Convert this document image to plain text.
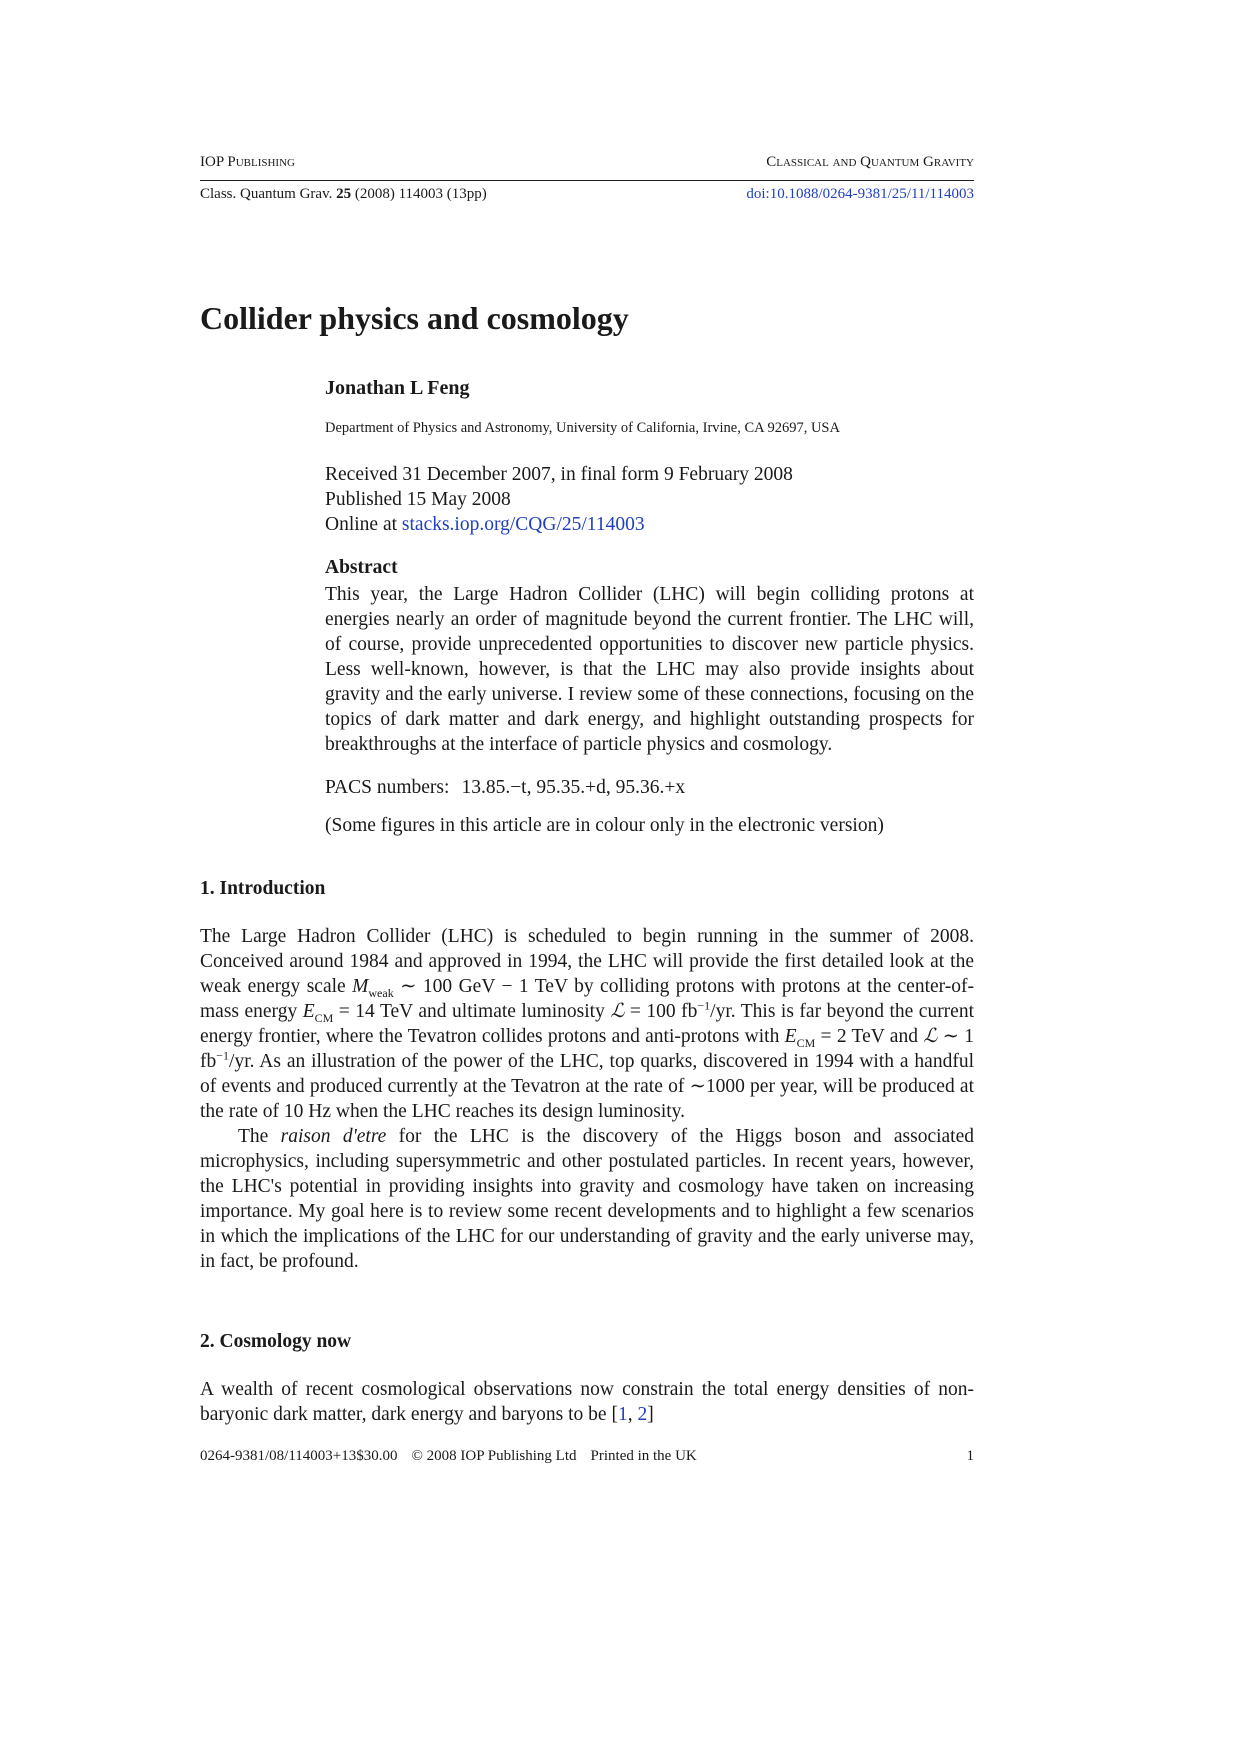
IOP Publishing	Classical and Quantum Gravity
Class. Quantum Grav. 25 (2008) 114003 (13pp)	doi:10.1088/0264-9381/25/11/114003
Collider physics and cosmology
Jonathan L Feng
Department of Physics and Astronomy, University of California, Irvine, CA 92697, USA
Received 31 December 2007, in final form 9 February 2008
Published 15 May 2008
Online at stacks.iop.org/CQG/25/114003
Abstract
This year, the Large Hadron Collider (LHC) will begin colliding protons at energies nearly an order of magnitude beyond the current frontier. The LHC will, of course, provide unprecedented opportunities to discover new particle physics. Less well-known, however, is that the LHC may also provide insights about gravity and the early universe. I review some of these connections, focusing on the topics of dark matter and dark energy, and highlight outstanding prospects for breakthroughs at the interface of particle physics and cosmology.
PACS numbers: 13.85.−t, 95.35.+d, 95.36.+x
(Some figures in this article are in colour only in the electronic version)
1. Introduction

The Large Hadron Collider (LHC) is scheduled to begin running in the summer of 2008. Conceived around 1984 and approved in 1994, the LHC will provide the first detailed look at the weak energy scale $M_{weak}$ ∼ 100 GeV − 1 TeV by colliding protons with protons at the center-of-mass energy $E_{CM} = 14$ TeV and ultimate luminosity ℒ = 100 $fb^{-1}/yr$. This is far beyond the current energy frontier, where the Tevatron collides protons and anti-protons with $E_{CM} = 2$ TeV and ℒ ∼ 1 $fb^{-1}/yr$. As an illustration of the power of the LHC, top quarks, discovered in 1994 with a handful of events and produced currently at the Tevatron at the rate of ∼1000 per year, will be produced at the rate of 10 Hz when the LHC reaches its design luminosity.

The raison d'etre for the LHC is the discovery of the Higgs boson and associated microphysics, including supersymmetric and other postulated particles. In recent years, however, the LHC's potential in providing insights into gravity and cosmology have taken on increasing importance. My goal here is to review some recent developments and to highlight a few scenarios in which the implications of the LHC for our understanding of gravity and the early universe may, in fact, be profound.

2. Cosmology now

A wealth of recent cosmological observations now constrain the total energy densities of non-baryonic dark matter, dark energy and baryons to be [1, 2]

0264-9381/08/114003+13$30.00 © 2008 IOP Publishing Ltd Printed in the UK	1
